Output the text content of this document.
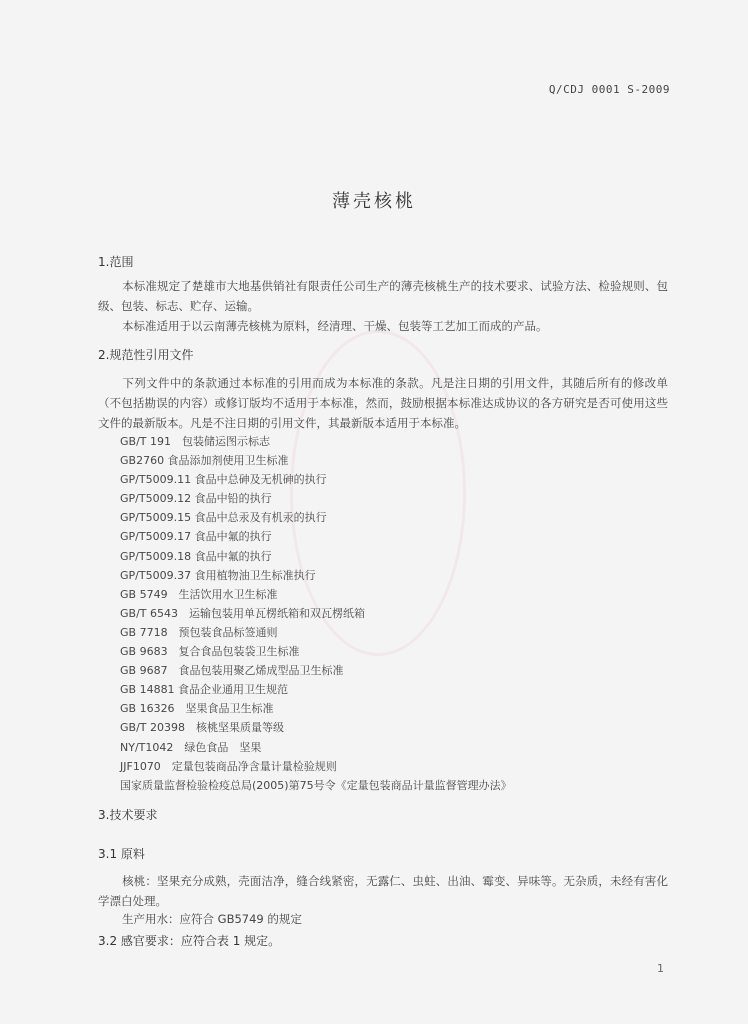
Q/CDJ 0001 S-2009
薄壳核桃
1.范围
本标准规定了楚雄市大地基供销社有限责任公司生产的薄壳核桃生产的技术要求、试验方法、检验规则、包级、包装、标志、贮存、运输。
本标准适用于以云南薄壳核桃为原料，经清理、干燥、包装等工艺加工而成的产品。
2.规范性引用文件
下列文件中的条款通过本标准的引用而成为本标准的条款。凡是注日期的引用文件，其随后所有的修改单（不包括勘误的内容）或修订版均不适用于本标准，然而，鼓励根据本标准达成协议的各方研究是否可使用这些文件的最新版本。凡是不注日期的引用文件，其最新版本适用于本标准。
GB/T 191　包装储运图示标志
GB2760 食品添加剂使用卫生标准
GP/T5009.11 食品中总砷及无机砷的执行
GP/T5009.12 食品中铅的执行
GP/T5009.15 食品中总汞及有机汞的执行
GP/T5009.17 食品中氟的执行
GP/T5009.18 食品中氟的执行
GP/T5009.37 食用植物油卫生标准执行
GB 5749　生活饮用水卫生标准
GB/T 6543　运输包装用单瓦楞纸箱和双瓦楞纸箱
GB 7718　预包装食品标签通则
GB 9683　复合食品包装袋卫生标准
GB 9687　食品包装用聚乙烯成型品卫生标准
GB 14881 食品企业通用卫生规范
GB 16326　坚果食品卫生标准
GB/T 20398　核桃坚果质量等级
NY/T1042　绿色食品　坚果
JJF1070　定量包装商品净含量计量检验规则
国家质量监督检验检疫总局(2005)第75号令《定量包装商品计量监督管理办法》
3.技术要求
3.1 原料
核桃：坚果充分成熟，壳面洁净，缝合线紧密，无露仁、虫蛀、出油、霉变、异味等。无杂质，未经有害化学漂白处理。
生产用水：应符合 GB5749 的规定
3.2 感官要求：应符合表 1 规定。
1
